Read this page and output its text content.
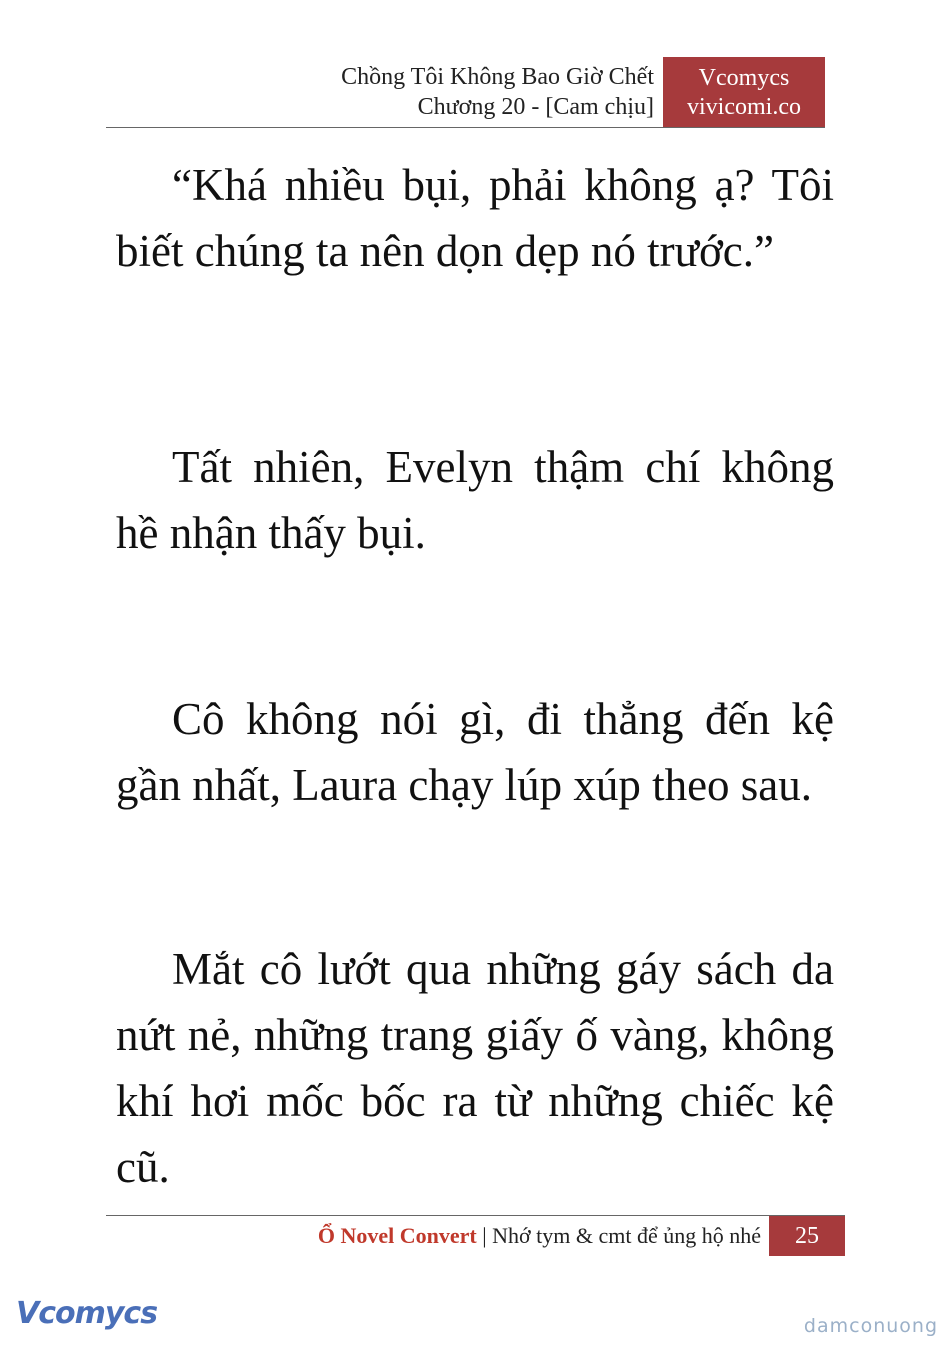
Chồng Tôi Không Bao Giờ Chết
Chương 20 - [Cam chịu]
Vcomycs
vivicomi.co

“Khá nhiều bụi, phải không ạ? Tôi biết chúng ta nên dọn dẹp nó trước.”

Tất nhiên, Evelyn thậm chí không hề nhận thấy bụi.

Cô không nói gì, đi thẳng đến kệ gần nhất, Laura chạy lúp xúp theo sau.

Mắt cô lướt qua những gáy sách da nứt nẻ, những trang giấy ố vàng, không khí hơi mốc bốc ra từ những chiếc kệ cũ.

Ổ Novel Convert | Nhớ tym & cmt để ủng hộ nhé	25
Vcomycs	damconuong
